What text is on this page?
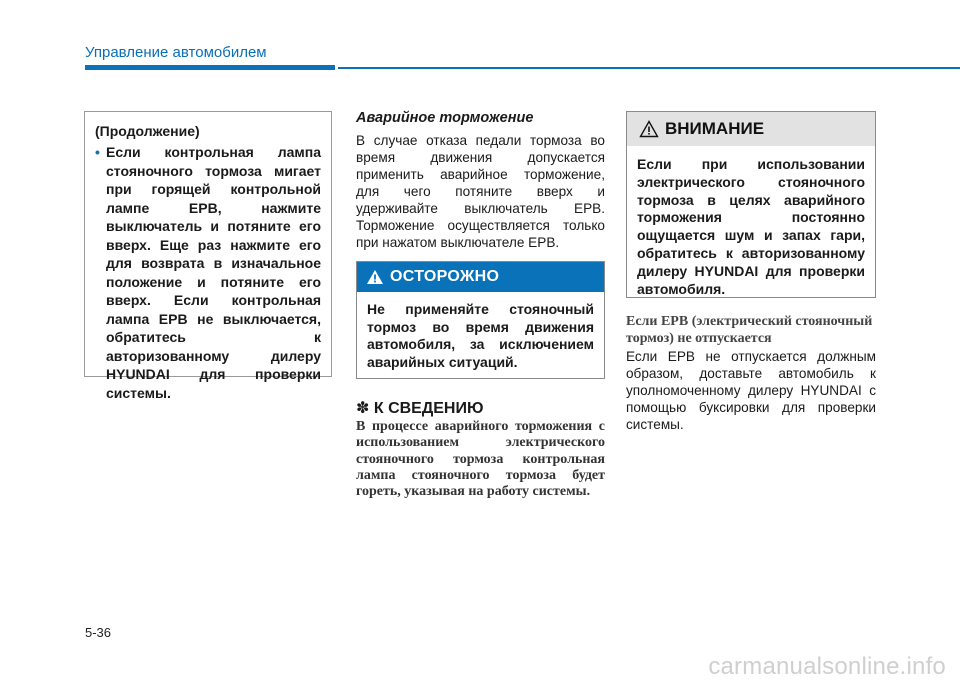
Управление автомобилем
(Продолжение)
• Если контрольная лампа стояночного тормоза мигает при горящей контрольной лампе EPB, нажмите выключатель и потяните его вверх. Еще раз нажмите его для возврата в изначальное положение и потяните его вверх. Если контрольная лампа EPB не выключается, обратитесь к авторизованному дилеру HYUNDAI для проверки системы.
Аварийное торможение
В случае отказа педали тормоза во время движения допускается применить аварийное торможение, для чего потяните вверх и удерживайте выключатель EPB. Торможение осуществляется только при нажатом выключателе EPB.
ОСТОРОЖНО
Не применяйте стояночный тормоз во время движения автомобиля, за исключением аварийных ситуаций.
✽ К СВЕДЕНИЮ
В процессе аварийного торможения с использованием электрического стояночного тормоза контрольная лампа стояночного тормоза будет гореть, указывая на работу системы.
ВНИМАНИЕ
Если при использовании электрического стояночного тормоза в целях аварийного торможения постоянно ощущается шум и запах гари, обратитесь к авторизованному дилеру HYUNDAI для проверки автомобиля.
Если EPB (электрический стояночный тормоз) не отпускается
Если EPB не отпускается должным образом, доставьте автомобиль к уполномоченному дилеру HYUNDAI с помощью буксировки для проверки системы.
5-36
carmanualsonline.info
